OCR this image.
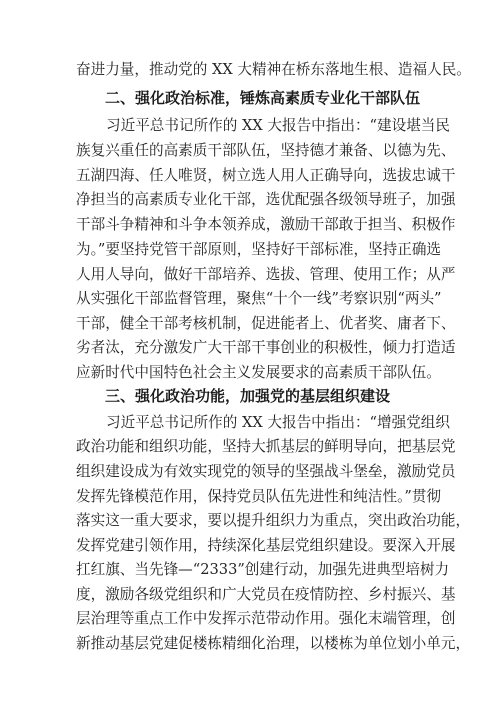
奋进力量，推动党的 XX 大精神在桥东落地生根、造福人民。
二、强化政治标准，锤炼高素质专业化干部队伍
习近平总书记所作的 XX 大报告中指出：“建设堪当民
族复兴重任的高素质干部队伍，坚持德才兼备、以德为先、
五湖四海、任人唯贤，树立选人用人正确导向，选拔忠诚干
净担当的高素质专业化干部，选优配强各级领导班子，加强
干部斗争精神和斗争本领养成，激励干部敢于担当、积极作
为。”要坚持党管干部原则，坚持好干部标准，坚持正确选
人用人导向，做好干部培养、选拔、管理、使用工作；从严
从实强化干部监督管理，聚焦“十个一线”考察识别“两头”
干部，健全干部考核机制，促进能者上、优者奖、庸者下、
劣者汰，充分激发广大干部干事创业的积极性，倾力打造适
应新时代中国特色社会主义发展要求的高素质干部队伍。
三、强化政治功能，加强党的基层组织建设
习近平总书记所作的 XX 大报告中指出：“增强党组织
政治功能和组织功能，坚持大抓基层的鲜明导向，把基层党
组织建设成为有效实现党的领导的坚强战斗堡垒，激励党员
发挥先锋模范作用，保持党员队伍先进性和纯洁性。”贯彻
落实这一重大要求，要以提升组织力为重点，突出政治功能，
发挥党建引领作用，持续深化基层党组织建设。要深入开展
扛红旗、当先锋—“2333”创建行动，加强先进典型培树力
度，激励各级党组织和广大党员在疫情防控、乡村振兴、基
层治理等重点工作中发挥示范带动作用。强化末端管理，创
新推动基层党建促楼栋精细化治理，以楼栋为单位划小单元，
